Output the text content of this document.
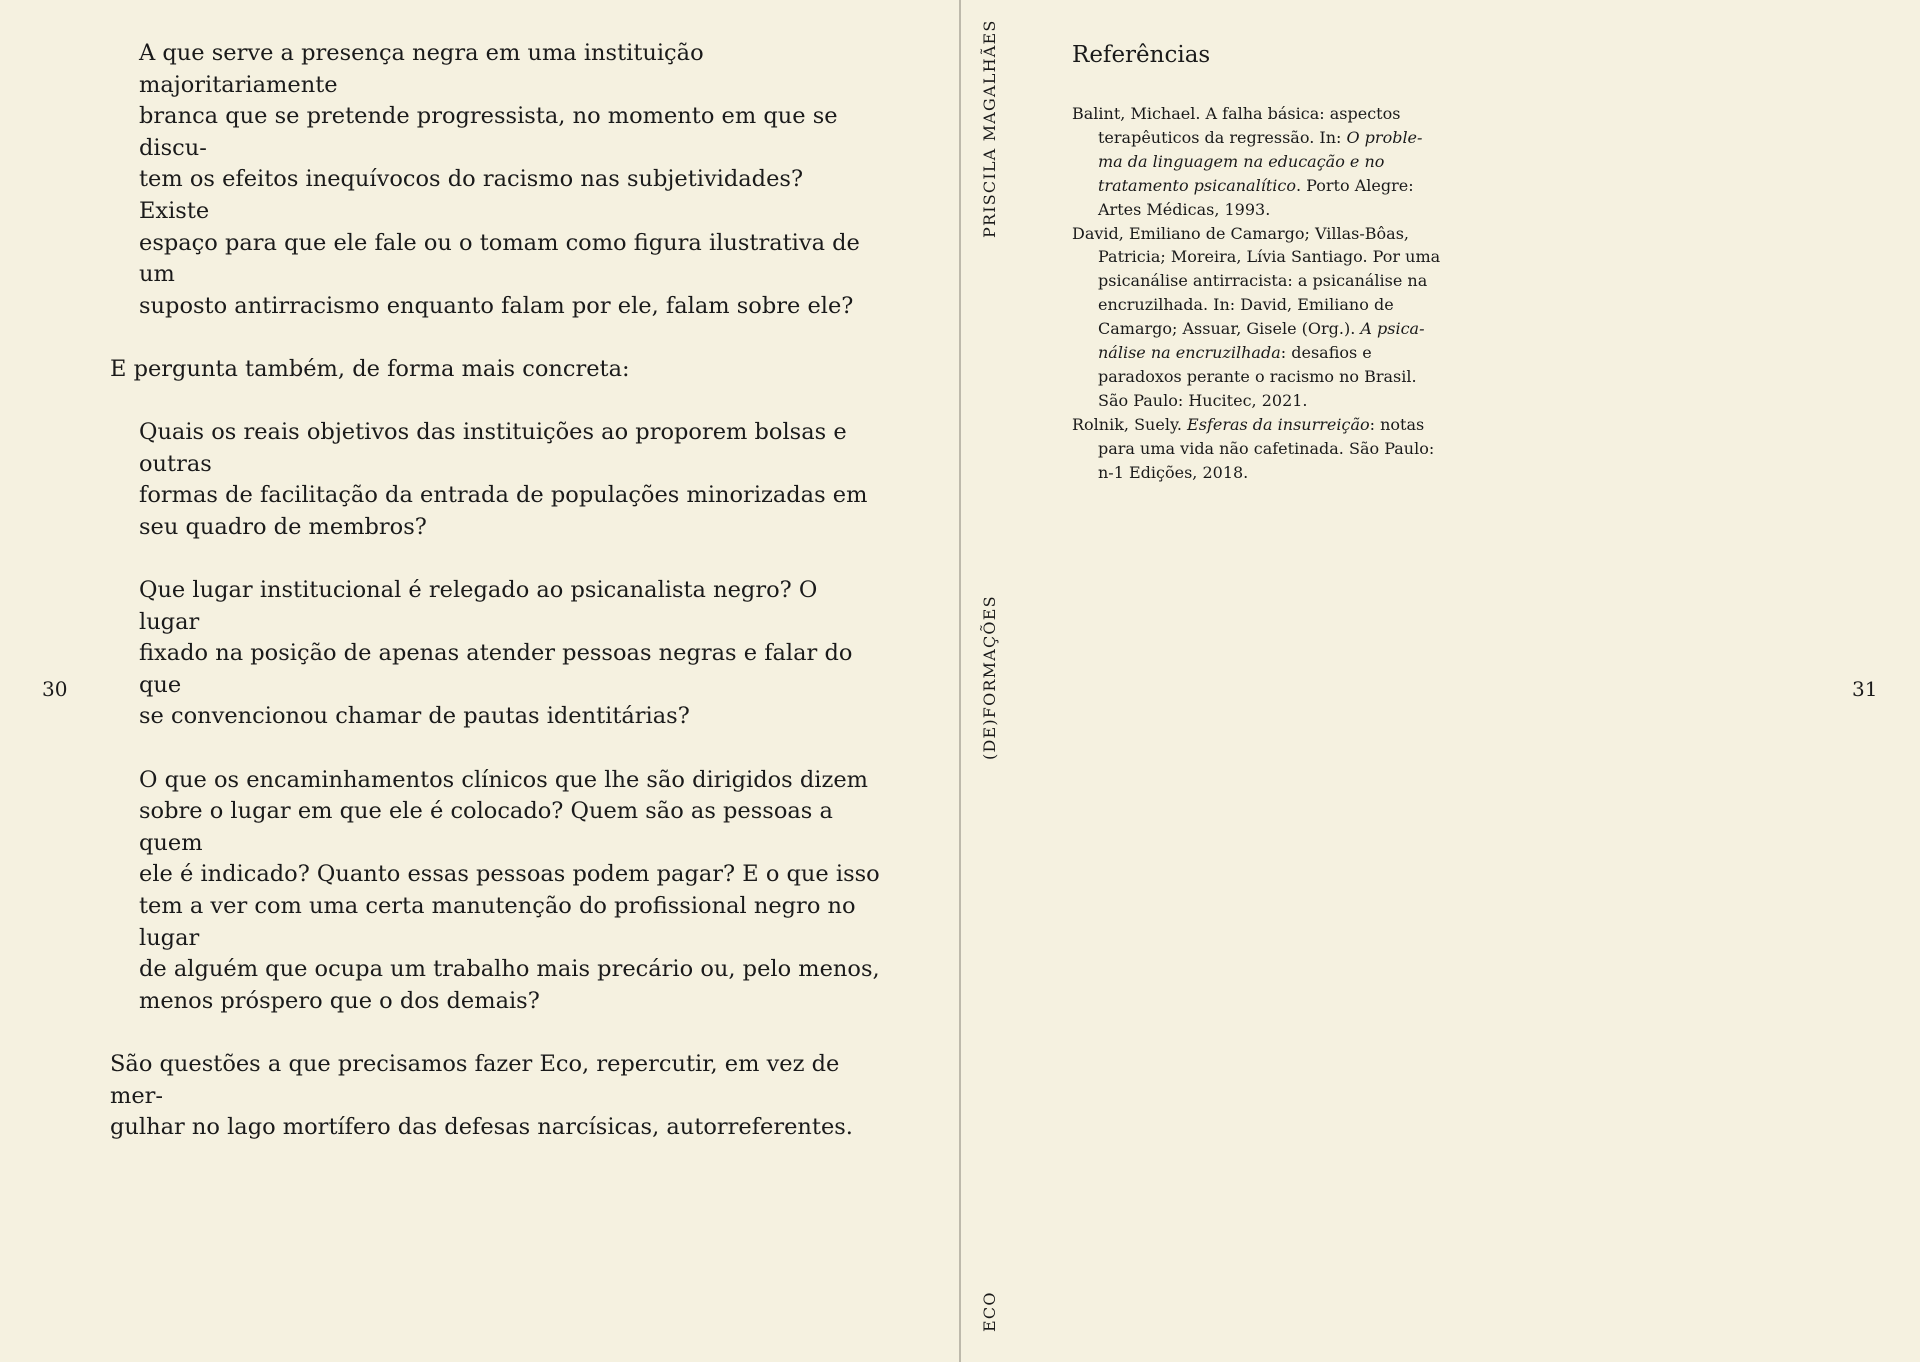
30

A que serve a presença negra em uma instituição majoritariamente
branca que se pretende progressista, no momento em que se discu-
tem os efeitos inequívocos do racismo nas subjetividades? Existe
espaço para que ele fale ou o tomam como figura ilustrativa de um
suposto antirracismo enquanto falam por ele, falam sobre ele?

E pergunta também, de forma mais concreta:

Quais os reais objetivos das instituições ao proporem bolsas e outras
formas de facilitação da entrada de populações minorizadas em
seu quadro de membros?

Que lugar institucional é relegado ao psicanalista negro? O lugar
fixado na posição de apenas atender pessoas negras e falar do que
se convencionou chamar de pautas identitárias?

O que os encaminhamentos clínicos que lhe são dirigidos dizem
sobre o lugar em que ele é colocado? Quem são as pessoas a quem
ele é indicado? Quanto essas pessoas podem pagar? E o que isso
tem a ver com uma certa manutenção do profissional negro no lugar
de alguém que ocupa um trabalho mais precário ou, pelo menos,
menos próspero que o dos demais?

São questões a que precisamos fazer Eco, repercutir, em vez de mer-
gulhar no lago mortífero das defesas narcísicas, autorreferentes.

PRISCILA MAGALHÃES
(DE)FORMAÇÕES
ECO
Referências
Balint, Michael. A falha básica: aspectos
terapêuticos da regressão. In: O proble-
ma da linguagem na educação e no
tratamento psicanalítico. Porto Alegre:
Artes Médicas, 1993.
David, Emiliano de Camargo; Villas-Bôas,
Patricia; Moreira, Lívia Santiago. Por uma
psicanálise antirracista: a psicanálise na
encruzilhada. In: David, Emiliano de
Camargo; Assuar, Gisele (Org.). A psica-
nálise na encruzilhada: desafios e
paradoxos perante o racismo no Brasil.
São Paulo: Hucitec, 2021.
Rolnik, Suely. Esferas da insurreição: notas
para uma vida não cafetinada. São Paulo:
n-1 Edições, 2018.
31
